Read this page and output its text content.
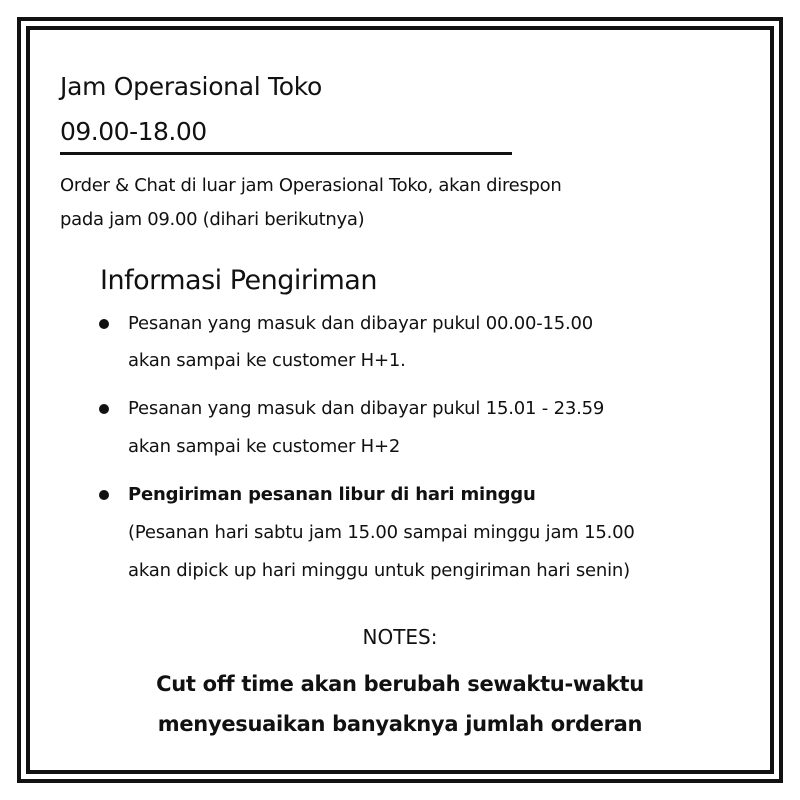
Jam Operasional Toko

09.00-18.00

Order & Chat di luar jam Operasional Toko, akan direspon

pada jam 09.00 (dihari berikutnya)

Informasi Pengiriman

Pesanan yang masuk dan dibayar pukul 00.00-15.00

akan sampai ke customer H+1.

Pesanan yang masuk dan dibayar pukul 15.01 - 23.59

akan sampai ke customer H+2

Pengiriman pesanan libur di hari minggu

(Pesanan hari sabtu jam 15.00 sampai minggu jam 15.00

akan dipick up hari minggu untuk pengiriman hari senin)

NOTES:

Cut off time akan berubah sewaktu-waktu

menyesuaikan banyaknya jumlah orderan
